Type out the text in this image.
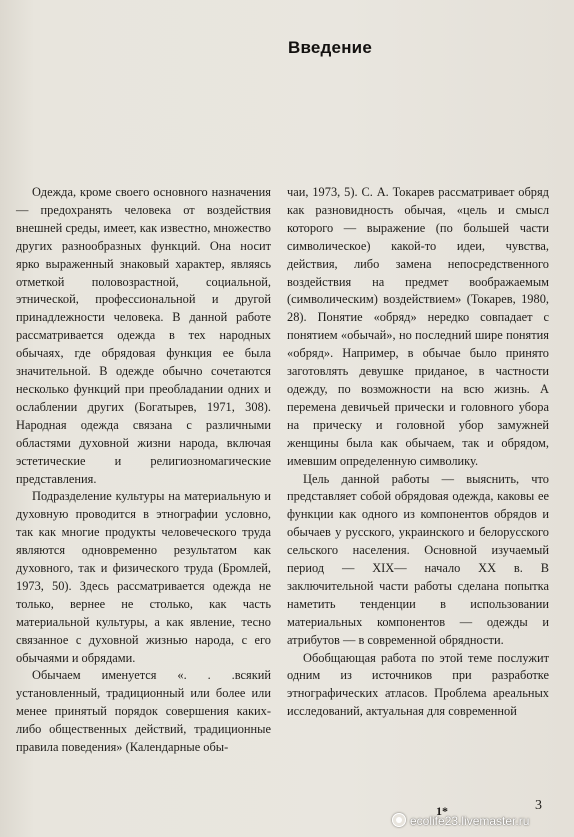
Введение

Одежда, кроме своего основного назначения — предохранять человека от воздействия внешней среды, имеет, как известно, множество других разнообразных функций. Она носит ярко выраженный знаковый характер, являясь отметкой половозрастной, социальной, этнической, профессиональной и другой принадлежности человека. В данной работе рассматривается одежда в тех народных обычаях, где обрядовая функция ее была значительной. В одежде обычно сочетаются несколько функций при преобладании одних и ослаблении других (Богатырев, 1971, 308). Народная одежда связана с различными областями духовной жизни народа, включая эстетические и религиозномагические представления.

Подразделение культуры на материальную и духовную проводится в этнографии условно, так как многие продукты человеческого труда являются одновременно результатом как духовного, так и физического труда (Бромлей, 1973, 50). Здесь рассматривается одежда не только, вернее не столько, как часть материальной культуры, а как явление, тесно связанное с духовной жизнью народа, с его обычаями и обрядами.

Обычаем именуется «. . .всякий установленный, традиционный или более или менее принятый порядок совершения каких-либо общественных действий, традиционные правила поведения» (Календарные обы-

чаи, 1973, 5). С. А. Токарев рассматривает обряд как разновидность обычая, «цель и смысл которого — выражение (по большей части символическое) какой-то идеи, чувства, действия, либо замена непосредственного воздействия на предмет воображаемым (символическим) воздействием» (Токарев, 1980, 28). Понятие «обряд» нередко совпадает с понятием «обычай», но последний шире понятия «обряд». Например, в обычае было принято заготовлять девушке приданое, в частности одежду, по возможности на всю жизнь. А перемена девичьей прически и головного убора на прическу и головной убор замужней женщины была как обычаем, так и обрядом, имевшим определенную символику.

Цель данной работы — выяснить, что представляет собой обрядовая одежда, каковы ее функции как одного из компонентов обрядов и обычаев у русского, украинского и белорусского сельского населения. Основной изучаемый период — XIX— начало XX в. В заключительной части работы сделана попытка наметить тенденции в использовании материальных компонентов — одежды и атрибутов — в современной обрядности.

Обобщающая работа по этой теме послужит одним из источников при разработке этнографических атласов. Проблема ареальных исследований, актуальная для современной

1*	3
ecolife23.livemaster.ru
